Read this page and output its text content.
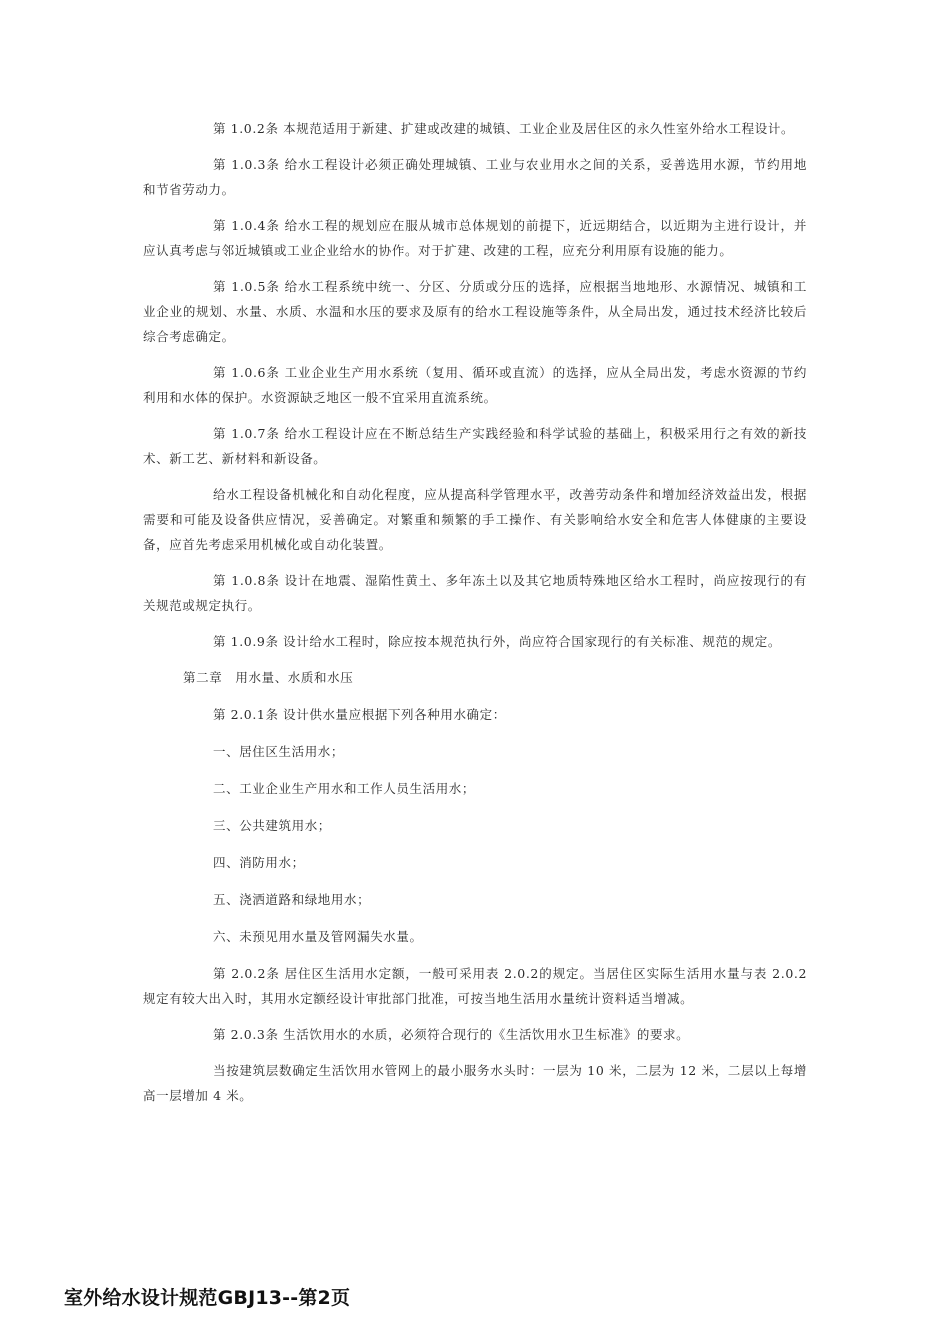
第 1.0.2条 本规范适用于新建、扩建或改建的城镇、工业企业及居住区的永久性室外给水工程设计。

第 1.0.3条 给水工程设计必须正确处理城镇、工业与农业用水之间的关系，妥善选用水源，节约用地和节省劳动力。

第 1.0.4条 给水工程的规划应在服从城市总体规划的前提下，近远期结合，以近期为主进行设计，并应认真考虑与邻近城镇或工业企业给水的协作。对于扩建、改建的工程，应充分利用原有设施的能力。

第 1.0.5条 给水工程系统中统一、分区、分质或分压的选择，应根据当地地形、水源情况、城镇和工业企业的规划、水量、水质、水温和水压的要求及原有的给水工程设施等条件，从全局出发，通过技术经济比较后综合考虑确定。

第 1.0.6条 工业企业生产用水系统（复用、循环或直流）的选择，应从全局出发，考虑水资源的节约利用和水体的保护。水资源缺乏地区一般不宜采用直流系统。

第 1.0.7条 给水工程设计应在不断总结生产实践经验和科学试验的基础上，积极采用行之有效的新技术、新工艺、新材料和新设备。

给水工程设备机械化和自动化程度，应从提高科学管理水平，改善劳动条件和增加经济效益出发，根据需要和可能及设备供应情况，妥善确定。对繁重和频繁的手工操作、有关影响给水安全和危害人体健康的主要设备，应首先考虑采用机械化或自动化装置。

第 1.0.8条 设计在地震、湿陷性黄土、多年冻土以及其它地质特殊地区给水工程时，尚应按现行的有关规范或规定执行。

第 1.0.9条 设计给水工程时，除应按本规范执行外，尚应符合国家现行的有关标准、规范的规定。

第二章　用水量、水质和水压

第 2.0.1条 设计供水量应根据下列各种用水确定：

一、居住区生活用水；

二、工业企业生产用水和工作人员生活用水；

三、公共建筑用水；

四、消防用水；

五、浇洒道路和绿地用水；

六、未预见用水量及管网漏失水量。

第 2.0.2条 居住区生活用水定额，一般可采用表 2.0.2的规定。当居住区实际生活用水量与表 2.0.2规定有较大出入时，其用水定额经设计审批部门批准，可按当地生活用水量统计资料适当增减。

第 2.0.3条 生活饮用水的水质，必须符合现行的《生活饮用水卫生标准》的要求。

当按建筑层数确定生活饮用水管网上的最小服务水头时：一层为 10 米，二层为 12 米，二层以上每增高一层增加 4 米。

室外给水设计规范GBJ13--第2页
